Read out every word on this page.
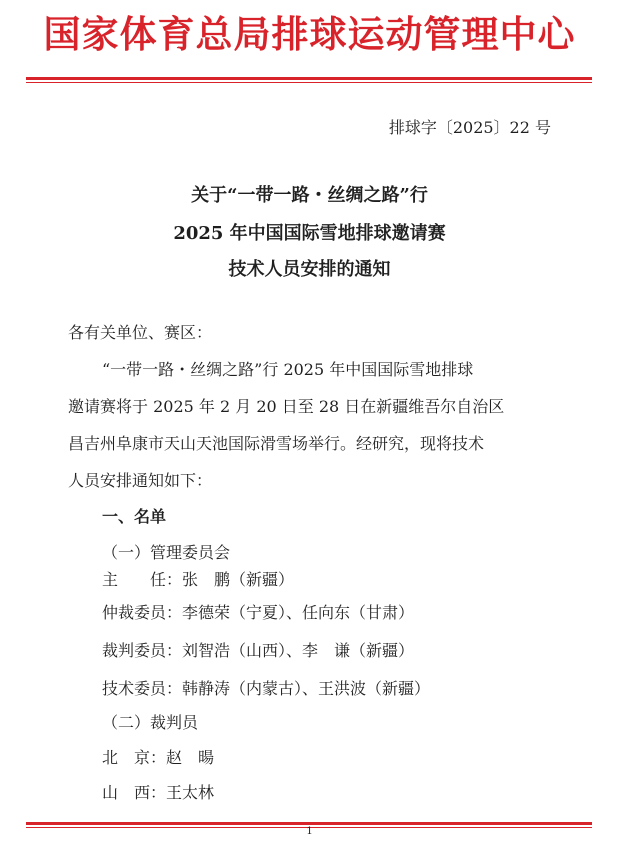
国家体育总局排球运动管理中心
排球字〔2025〕22 号
关于“一带一路・丝绸之路”行
2025 年中国国际雪地排球邀请赛
技术人员安排的通知
各有关单位、赛区：
“一带一路・丝绸之路”行 2025 年中国国际雪地排球
邀请赛将于 2025 年 2 月 20 日至 28 日在新疆维吾尔自治区
昌吉州阜康市天山天池国际滑雪场举行。经研究，现将技术
人员安排通知如下：
一、名单
（一）管理委员会
主　　任：张　鹏（新疆）
仲裁委员：李德荣（宁夏）、任向东（甘肃）
裁判委员：刘智浩（山西）、李　谦（新疆）
技术委员：韩静涛（内蒙古）、王洪波（新疆）
（二）裁判员
北　京：赵　暘
山　西：王太林
1
